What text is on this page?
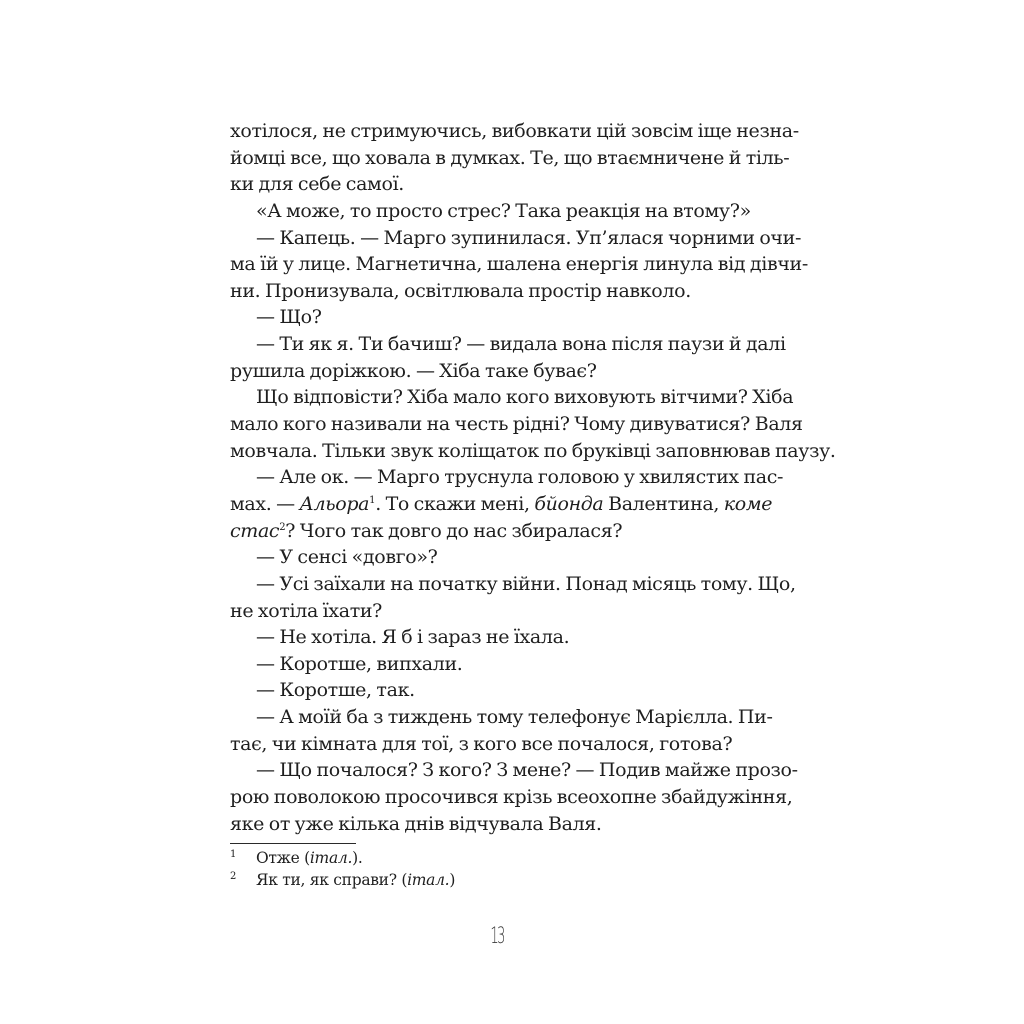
хотілося, не стримуючись, вибовкати цій зовсім іще незна-
йомці все, що ховала в думках. Те, що втаємничене й тіль-
ки для себе самої.
«А може, то просто стрес? Така реакція на втому?»
— Капець. — Марго зупинилася. Уп’ялася чорними очи-
ма їй у лице. Магнетична, шалена енергія линула від дівчи-
ни. Пронизувала, освітлювала простір навколо.
— Що?
— Ти як я. Ти бачиш? — видала вона після паузи й далі
рушила доріжкою. — Хіба таке буває?
Що відповісти? Хіба мало кого виховують вітчими? Хіба
мало кого називали на честь рідні? Чому дивуватися? Валя
мовчала. Тільки звук коліщаток по бруківці заповнював паузу.
— Але ок. — Марго труснула головою у хвилястих пас-
мах. — Альора$^1$. То скажи мені, бйонда Валентина, коме
стас$^2$? Чого так довго до нас збиралася?
— У сенсі «довго»?
— Усі заїхали на початку війни. Понад місяць тому. Що,
не хотіла їхати?
— Не хотіла. Я б і зараз не їхала.
— Коротше, випхали.
— Коротше, так.
— А моїй ба з тиждень тому телефонує Марієлла. Пи-
тає, чи кімната для тої, з кого все почалося, готова?
— Що почалося? З кого? З мене? — Подив майже прозо-
рою поволокою просочився крізь всеохопне збайдужіння,
яке от уже кілька днів відчувала Валя.
1 Отже (італ.).
2 Як ти, як справи? (італ.)
13
